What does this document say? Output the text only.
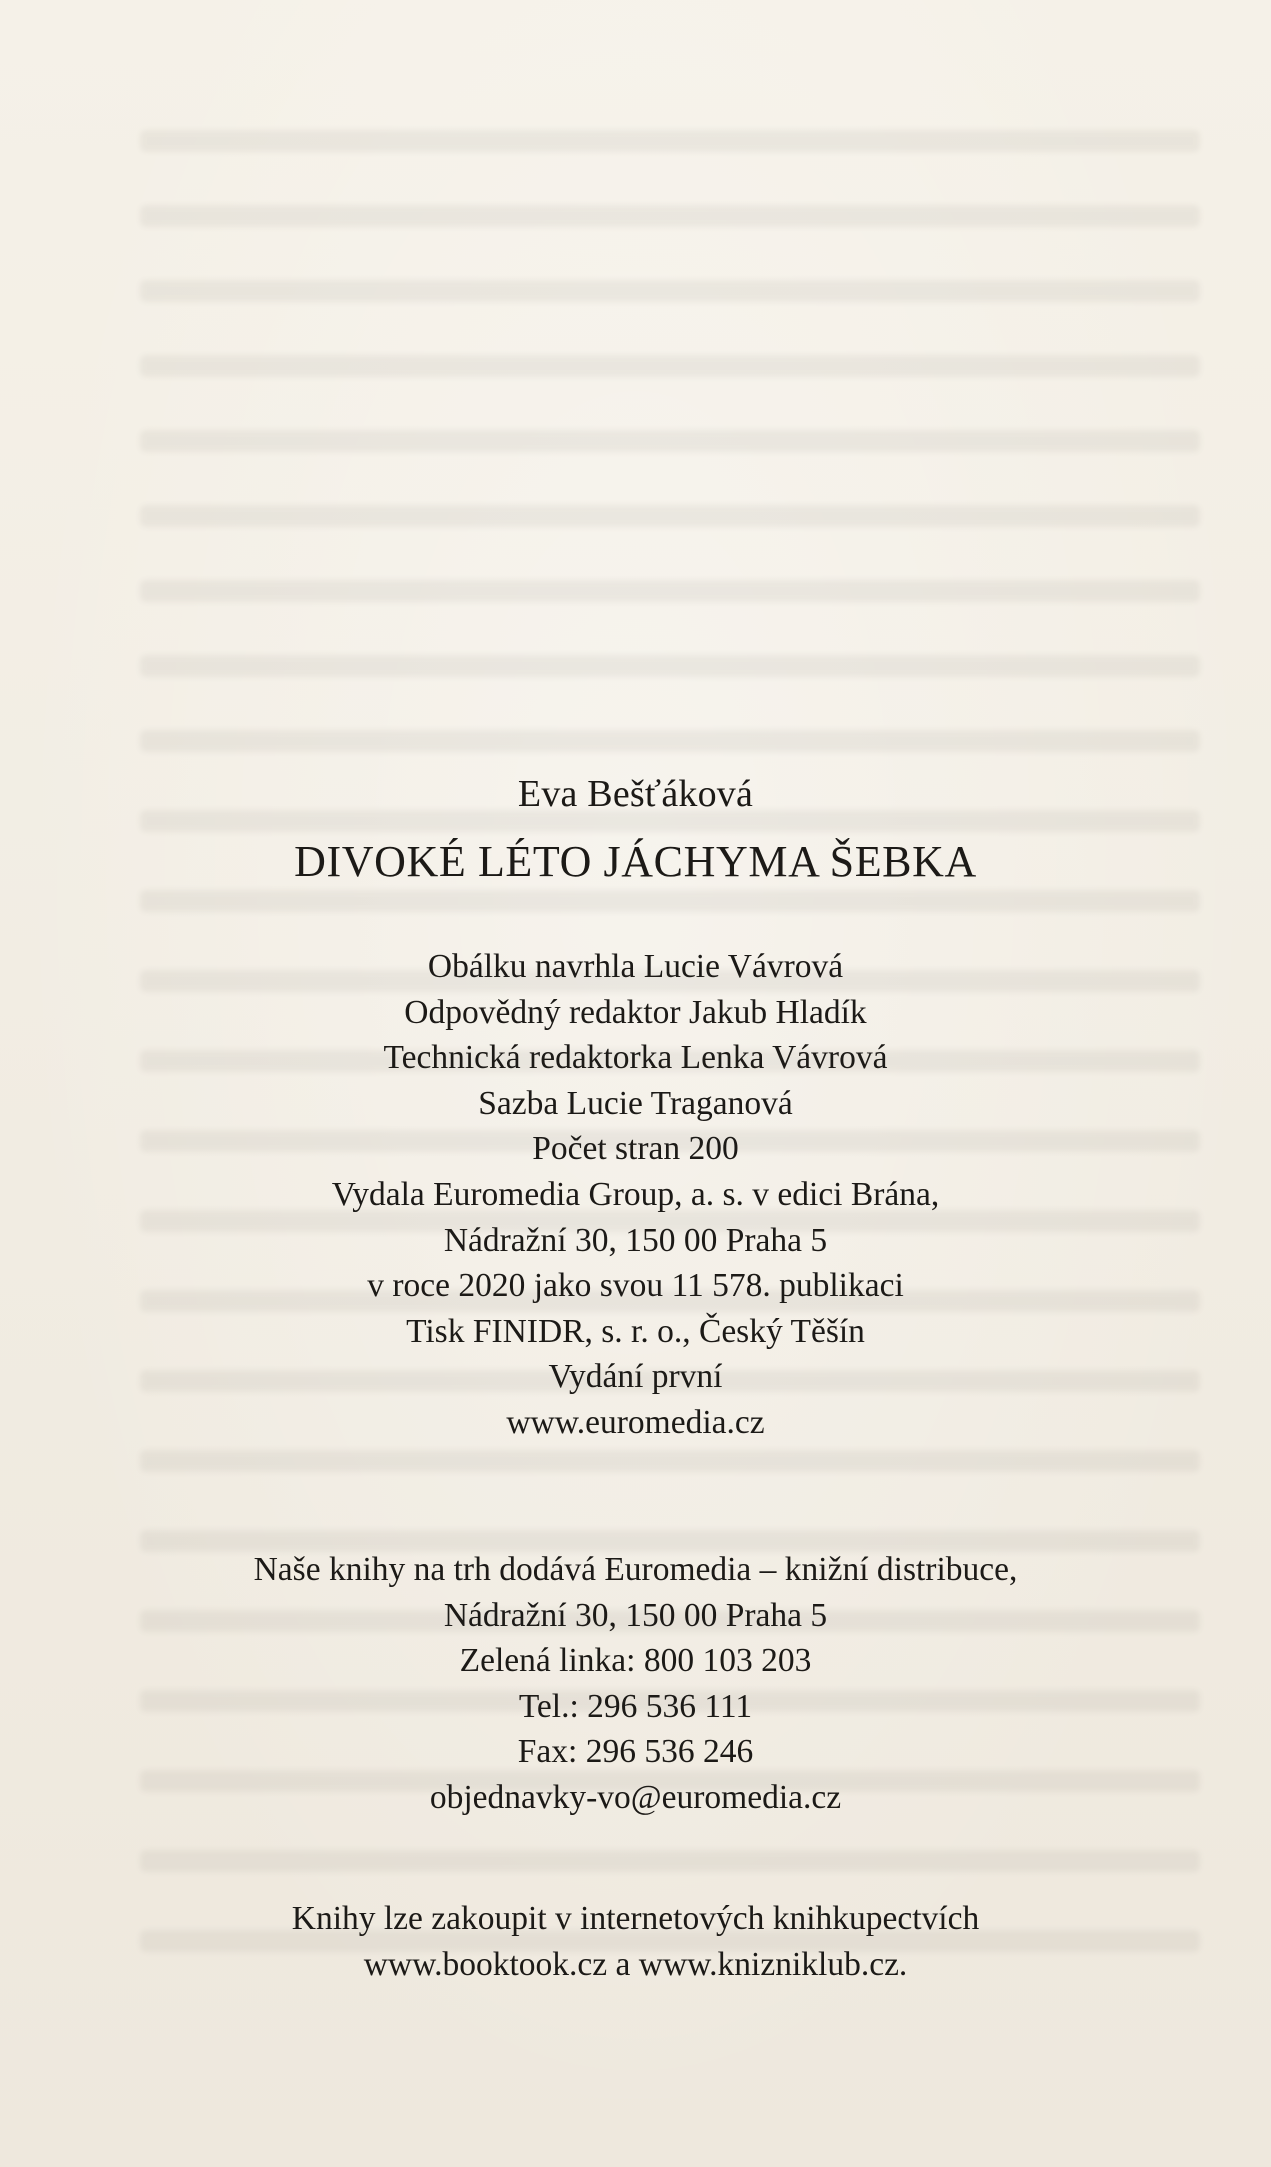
Eva Bešťáková
DIVOKÉ LÉTO JÁCHYMA ŠEBKA
Obálku navrhla Lucie Vávrová
Odpovědný redaktor Jakub Hladík
Technická redaktorka Lenka Vávrová
Sazba Lucie Traganová
Počet stran 200
Vydala Euromedia Group, a. s. v edici Brána,
Nádražní 30, 150 00 Praha 5
v roce 2020 jako svou 11 578. publikaci
Tisk FINIDR, s. r. o., Český Těšín
Vydání první
www.euromedia.cz
Naše knihy na trh dodává Euromedia – knižní distribuce,
Nádražní 30, 150 00 Praha 5
Zelená linka: 800 103 203
Tel.: 296 536 111
Fax: 296 536 246
objednavky-vo@euromedia.cz
Knihy lze zakoupit v internetových knihkupectvích
www.booktook.cz a www.knizniklub.cz.
